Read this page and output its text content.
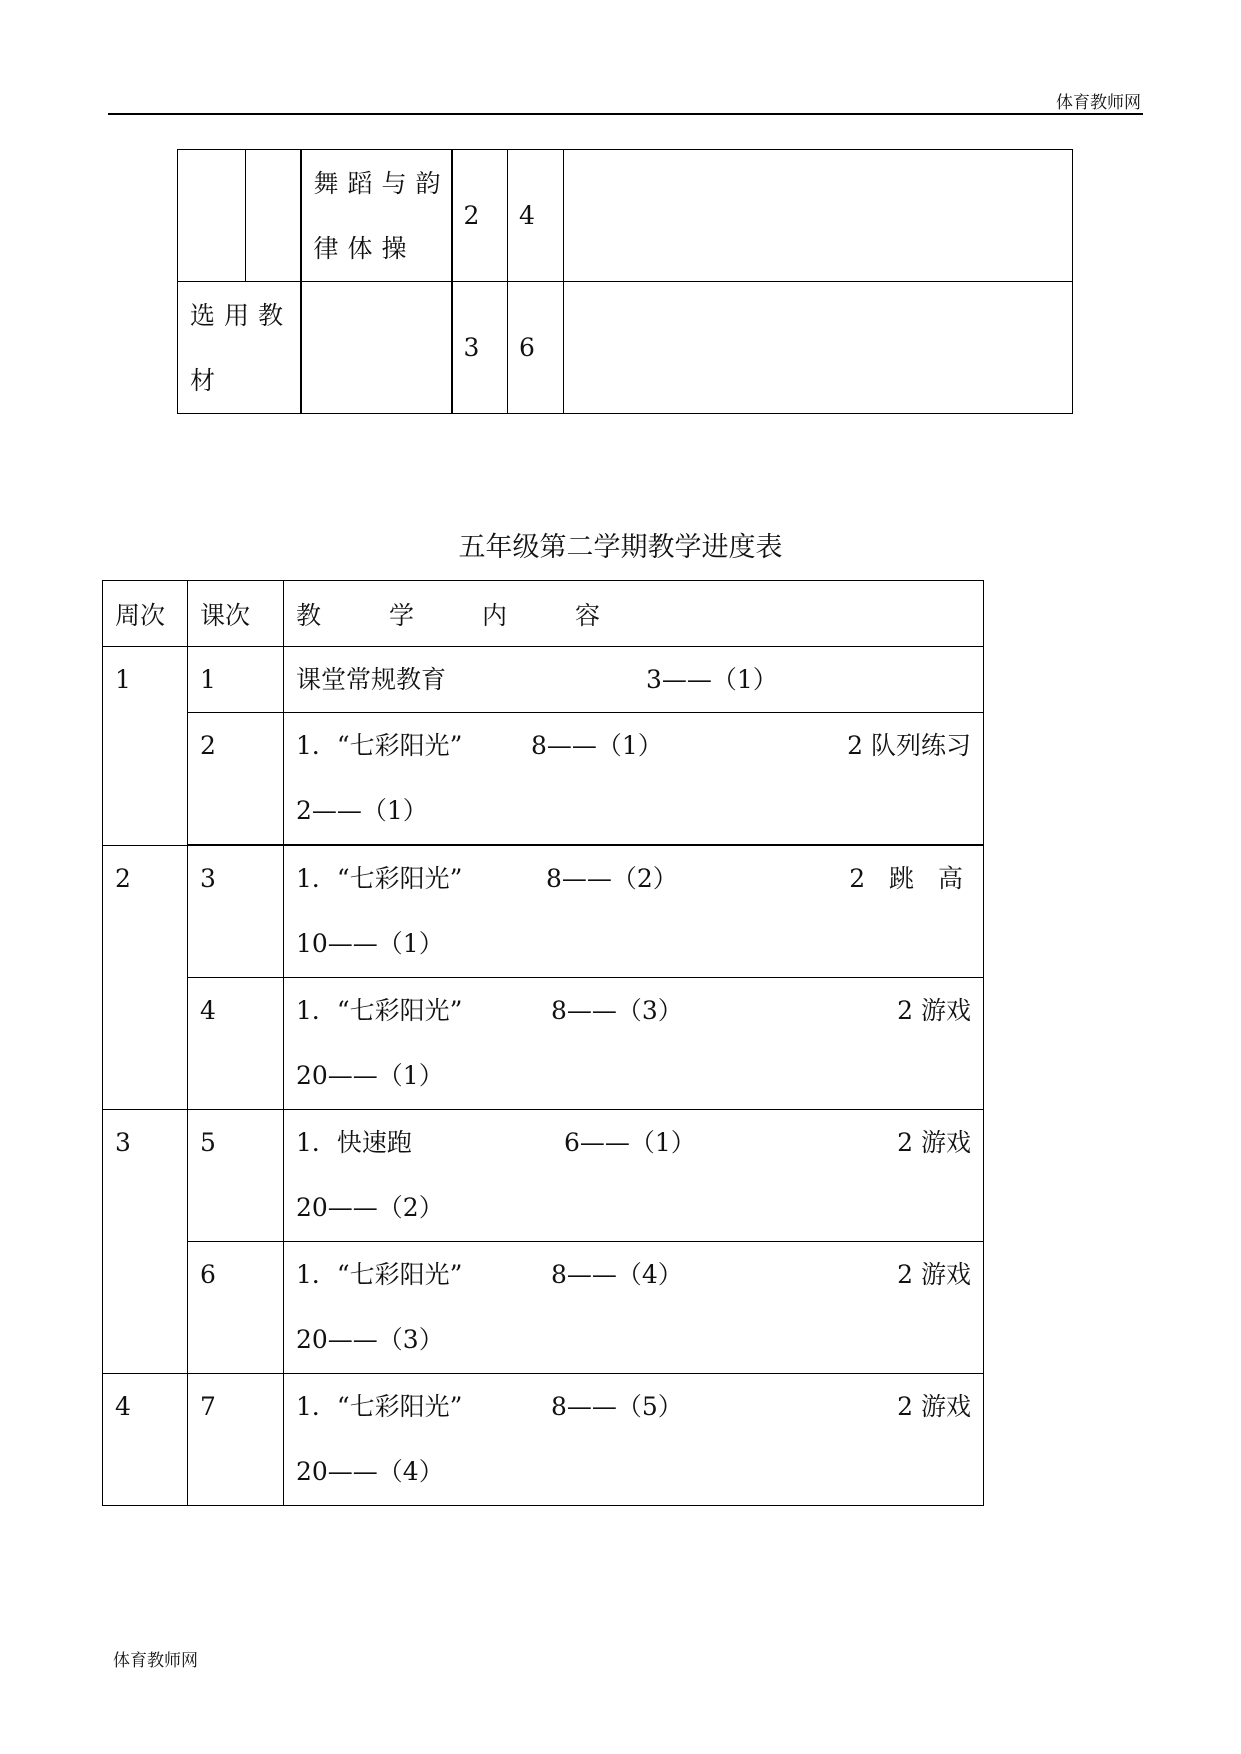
体育教师网

		舞蹈与韵
律体操	2	4	

选用教
材			3	6	
五年级第二学期教学进度表
周次	课次	教 学 内 容
1	1	课堂常规教育 3——（1）

	2	1．“七彩阳光” 8——（1） 2 队列练习
2——（1）

2	3	1．“七彩阳光” 8——（2） 2 跳 高
10——（1）

	4	1．“七彩阳光” 8——（3） 2 游戏
20——（1）

3	5	1．快速跑 6——（1） 2 游戏
20——（2）

	6	1．“七彩阳光” 8——（4） 2 游戏
20——（3）

4	7	1．“七彩阳光” 8——（5） 2 游戏
20——（4）
体育教师网
